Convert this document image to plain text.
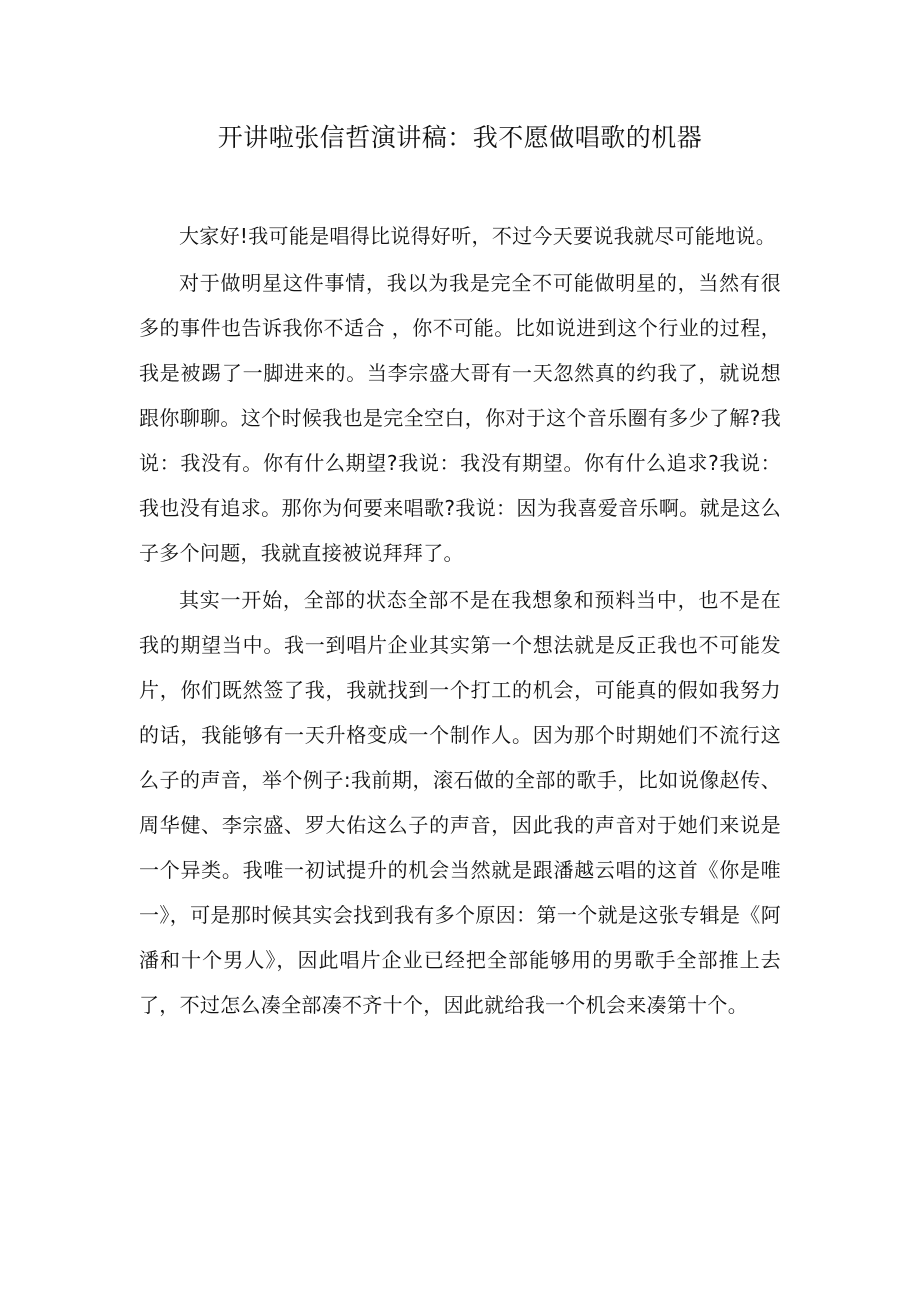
开讲啦张信哲演讲稿：我不愿做唱歌的机器

大家好!我可能是唱得比说得好听，不过今天要说我就尽可能地说。

对于做明星这件事情，我以为我是完全不可能做明星的，当然有很多的事件也告诉我你不适合 ，你不可能。比如说进到这个行业的过程，我是被踢了一脚进来的。当李宗盛大哥有一天忽然真的约我了，就说想跟你聊聊。这个时候我也是完全空白，你对于这个音乐圈有多少了解?我说：我没有。你有什么期望?我说：我没有期望。你有什么追求?我说：我也没有追求。那你为何要来唱歌?我说：因为我喜爱音乐啊。就是这么子多个问题，我就直接被说拜拜了。

其实一开始，全部的状态全部不是在我想象和预料当中，也不是在我的期望当中。我一到唱片企业其实第一个想法就是反正我也不可能发片，你们既然签了我，我就找到一个打工的机会，可能真的假如我努力的话，我能够有一天升格变成一个制作人。因为那个时期她们不流行这么子的声音，举个例子:我前期，滚石做的全部的歌手，比如说像赵传、周华健、李宗盛、罗大佑这么子的声音，因此我的声音对于她们来说是一个异类。我唯一初试提升的机会当然就是跟潘越云唱的这首《你是唯一》，可是那时候其实会找到我有多个原因：第一个就是这张专辑是《阿潘和十个男人》，因此唱片企业已经把全部能够用的男歌手全部推上去了，不过怎么凑全部凑不齐十个，因此就给我一个机会来凑第十个。
